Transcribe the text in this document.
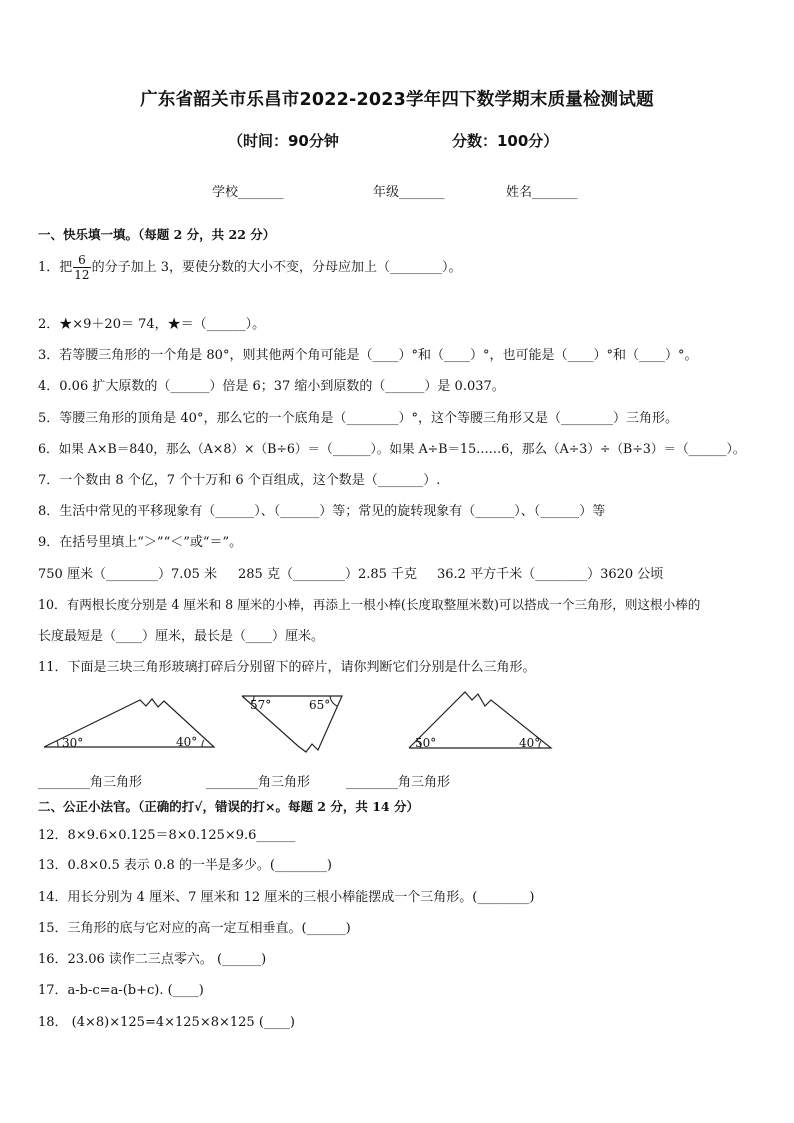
广东省韶关市乐昌市2022-2023学年四下数学期末质量检测试题
（时间：90分钟	分数：100分）
学校_______	年级_______	姓名_______
一、快乐填一填。（每题 2 分，共 22 分）
1．把 $\frac{6}{12}$ 的分子加上 3，要使分数的大小不变，分母应加上（________）。
2．★×9＋20＝ 74，★＝（______）。
3．若等腰三角形的一个角是 80°，则其他两个角可能是（____）°和（____）°，也可能是（____）°和（____）°。
4．0.06 扩大原数的（______）倍是 6；37 缩小到原数的（______）是 0.037。
5．等腰三角形的顶角是 40°，那么它的一个底角是（________）°，这个等腰三角形又是（________）三角形。
6．如果 A×B＝840，那么（A×8）×（B÷6）＝（______）。如果 A÷B＝15……6，那么（A÷3）÷（B÷3）＝（______）。
7．一个数由 8 个亿，7 个十万和 6 个百组成，这个数是（_______）.
8．生活中常见的平移现象有（______）、（______）等；常见的旋转现象有（______）、（______）等
9．在括号里填上“＞”“＜”或“＝”。
750 厘米（________）7.05 米 285 克（________）2.85 千克 36.2 平方千米（________）3620 公顷
10．有两根长度分别是 4 厘米和 8 厘米的小棒，再添上一根小棒(长度取整厘米数)可以搭成一个三角形，则这根小棒的
长度最短是（____）厘米，最长是（____）厘米。
11．下面是三块三角形玻璃打碎后分别留下的碎片，请你判断它们分别是什么三角形。
30°	40°
57°	65°
50°	40°
________角三角形	________角三角形	________角三角形
二、公正小法官。（正确的打√，错误的打×。每题 2 分，共 14 分）
12．8×9.6×0.125＝8×0.125×9.6______
13．0.8×0.5 表示 0.8 的一半是多少。(________)
14．用长分别为 4 厘米、7 厘米和 12 厘米的三根小棒能摆成一个三角形。(________)
15．三角形的底与它对应的高一定互相垂直。(______)
16．23.06 读作二三点零六。 (______)
17．a-b-c=a-(b+c). (____)
18． (4×8)×125=4×125×8×125 (____)
